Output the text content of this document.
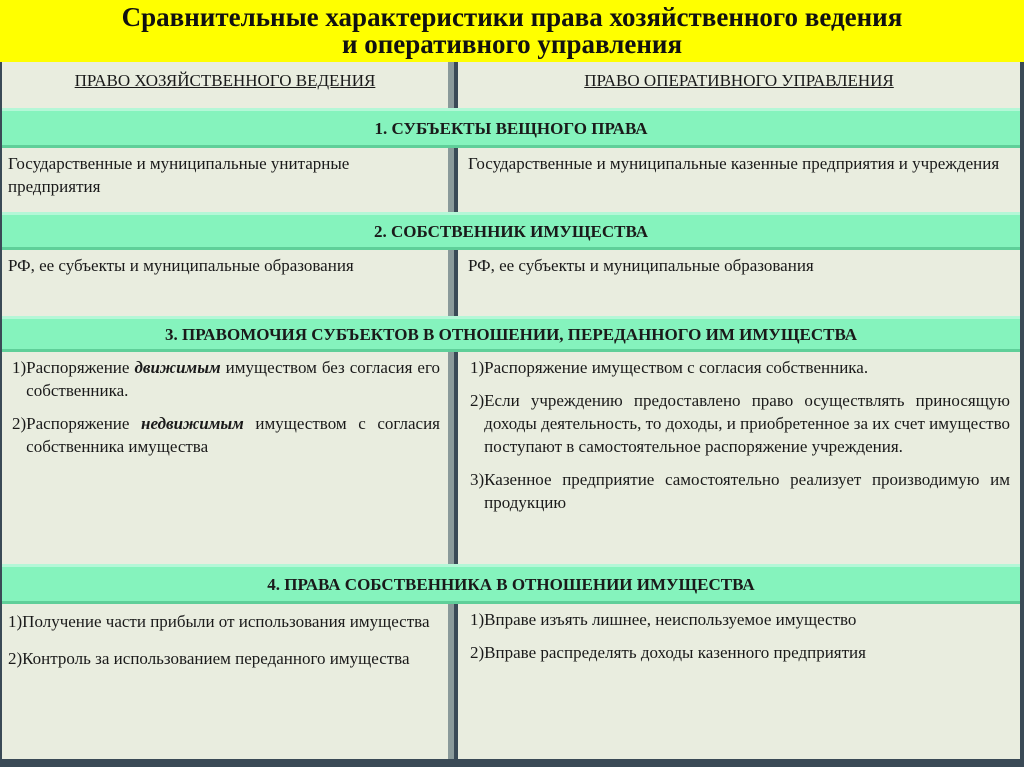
Сравнительные характеристики права хозяйственного ведения
и оперативного управления
ПРАВО ХОЗЯЙСТВЕННОГО ВЕДЕНИЯ	ПРАВО ОПЕРАТИВНОГО УПРАВЛЕНИЯ
1. СУБЪЕКТЫ ВЕЩНОГО ПРАВА
Государственные и муниципальные унитарные предприятия
Государственные и муниципальные казенные предприятия и учреждения
2. СОБСТВЕННИК ИМУЩЕСТВА
РФ, ее субъекты и муниципальные образования	РФ, ее субъекты и муниципальные образования
3. ПРАВОМОЧИЯ СУБЪЕКТОВ В ОТНОШЕНИИ, ПЕРЕДАННОГО ИМ ИМУЩЕСТВА
1) Распоряжение движимым имуществом без согласия его собственника.
2) Распоряжение недвижимым имуществом с согласия собственника имущества
1) Распоряжение имуществом с согласия собственника.
2) Если учреждению предоставлено право осуществлять приносящую доходы деятельность, то доходы, и приобретенное за их счет имущество поступают в самостоятельное распоряжение учреждения.
3) Казенное предприятие самостоятельно реализует производимую им продукцию
4. ПРАВА СОБСТВЕННИКА В ОТНОШЕНИИ ИМУЩЕСТВА
1)Получение части прибыли от использования имущества
2)Контроль за использованием переданного имущества
1) Вправе изъять лишнее, неиспользуемое имущество
2) Вправе распределять доходы казенного предприятия
